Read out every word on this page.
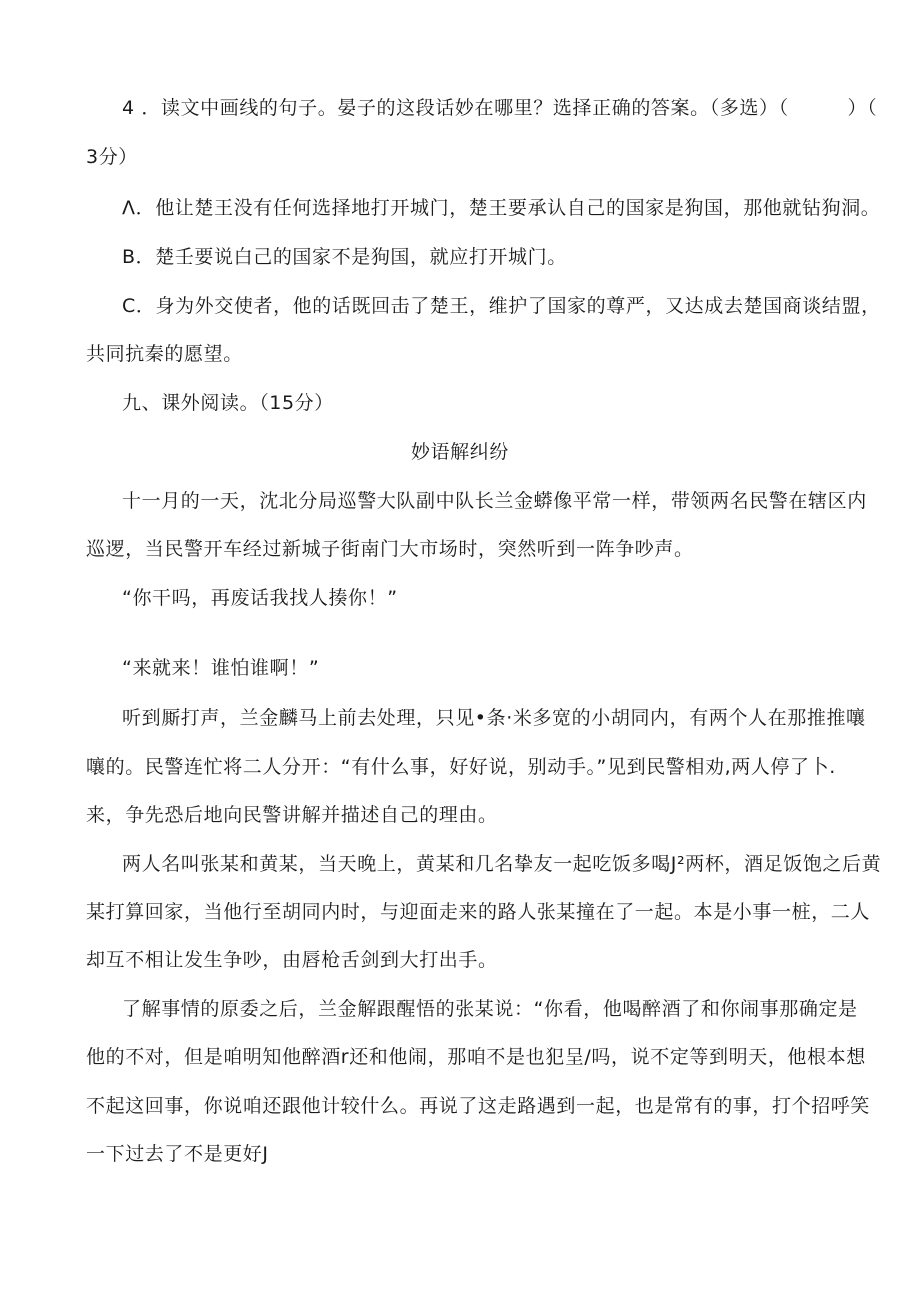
4 ．读文中画线的句子。晏子的这段话妙在哪里？选择正确的答案。（多选）（　　　）（
3分）
Λ．他让楚王没有任何选择地打开城门，楚王要承认自己的国家是狗国，那他就钻狗洞。
B．楚壬要说白己的国家不是狗国，就应打开城门。
C．身为外交使者，他的话既回击了楚王，维护了国家的尊严，又达成去楚国商谈结盟，
共同抗秦的愿望。
九、课外阅读。（15分）
妙语解纠纷
十一月的一天，沈北分局巡警大队副中队长兰金蟒像平常一样，带领两名民警在辖区内
巡逻，当民警开车经过新城子街南门大市场时，突然听到一阵争吵声。
“你干吗，再废话我找人揍你！”
“来就来！谁怕谁啊！”
听到厮打声，兰金麟马上前去处理，只见•条·米多宽的小胡同内，有两个人在那推推嚷
嚷的。民警连忙将二人分开：“有什么事，好好说，别动手。”见到民警相劝,两人停了卜.
来，争先恐后地向民警讲解并描述自己的理由。
两人名叫张某和黄某，当天晚上，黄某和几名挚友一起吃饭多喝J²两杯，酒足饭饱之后黄
某打算回家，当他行至胡同内时，与迎面走来的路人张某撞在了一起。本是小事一桩，二人
却互不相让发生争吵，由唇枪舌剑到大打出手。
了解事情的原委之后，兰金解跟醒悟的张某说：“你看，他喝醉酒了和你闹事那确定是
他的不对，但是咱明知他醉酒r还和他闹，那咱不是也犯呈/吗，说不定等到明天，他根本想
不起这回事，你说咱还跟他计较什么。再说了这走路遇到一起，也是常有的事，打个招呼笑
一下过去了不是更好J
